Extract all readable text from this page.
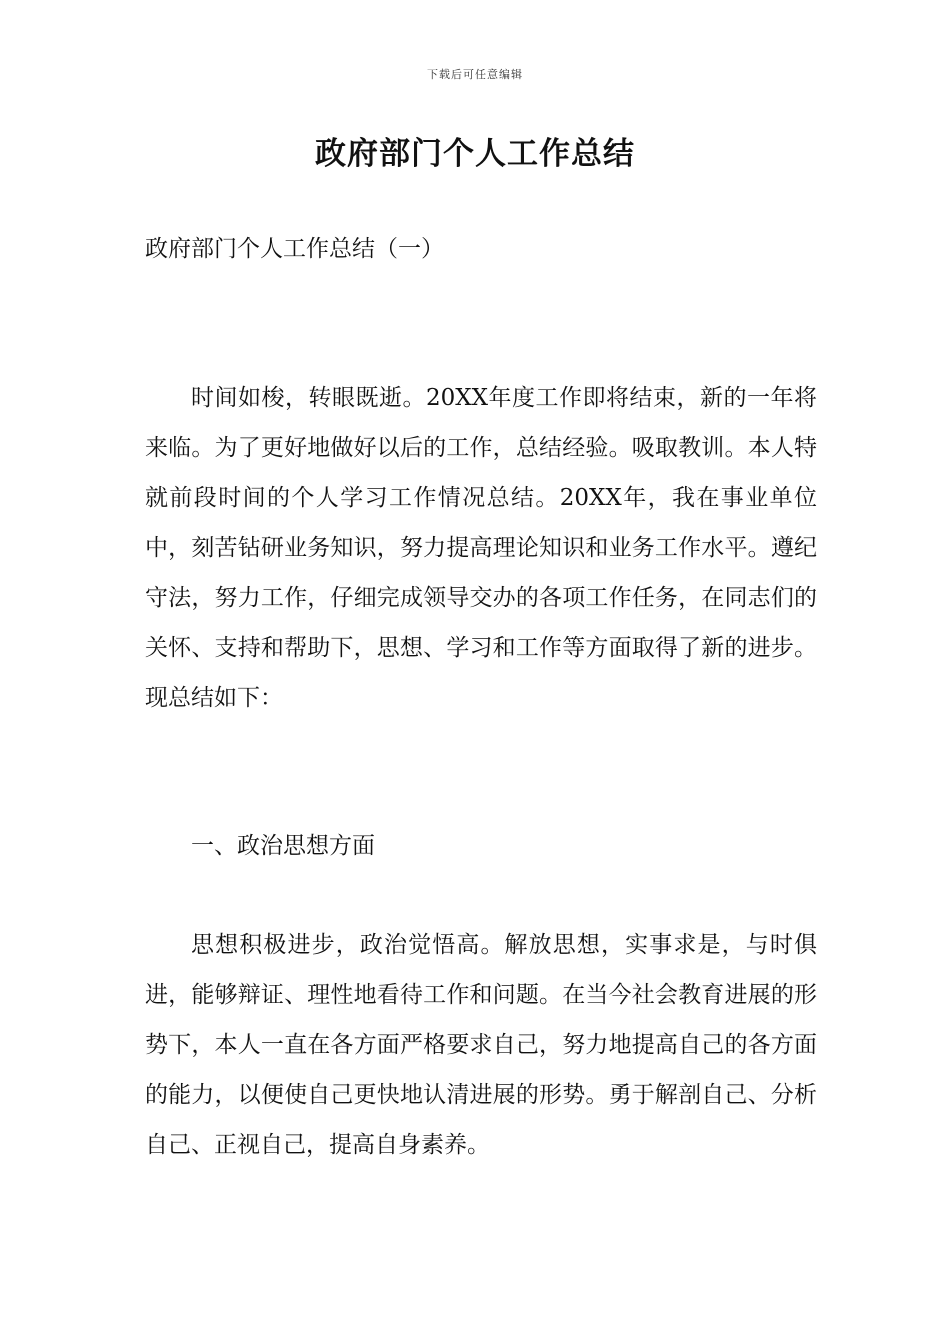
下载后可任意编辑
政府部门个人工作总结
政府部门个人工作总结（一）

时间如梭，转眼既逝。20XX年度工作即将结束，新的一年将来临。为了更好地做好以后的工作，总结经验。吸取教训。本人特就前段时间的个人学习工作情况总结。20XX年，我在事业单位中，刻苦钻研业务知识，努力提高理论知识和业务工作水平。遵纪守法，努力工作，仔细完成领导交办的各项工作任务，在同志们的关怀、支持和帮助下，思想、学习和工作等方面取得了新的进步。现总结如下：

一、政治思想方面

思想积极进步，政治觉悟高。解放思想，实事求是，与时俱进，能够辩证、理性地看待工作和问题。在当今社会教育进展的形势下，本人一直在各方面严格要求自己，努力地提高自己的各方面的能力，以便使自己更快地认清进展的形势。勇于解剖自己、分析自己、正视自己，提高自身素养。
